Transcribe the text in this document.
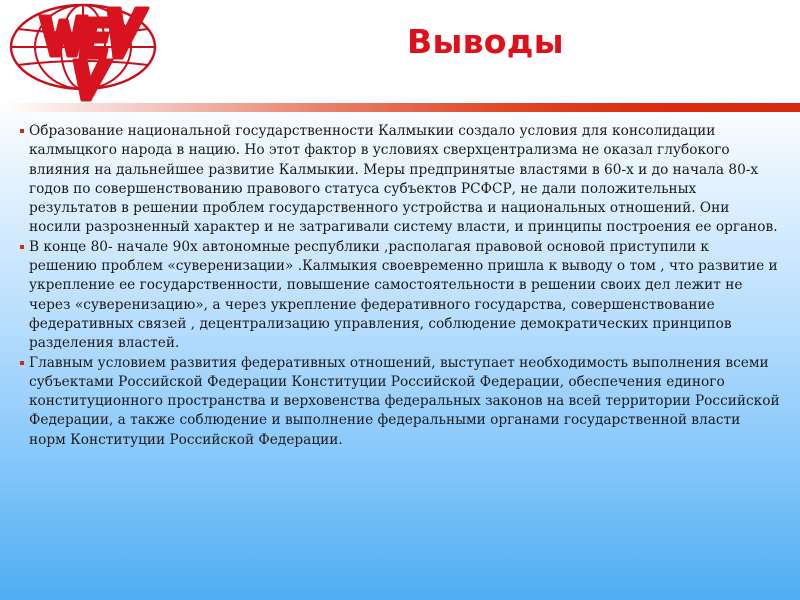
Выводы

Образование национальной государственности Калмыкии создало условия для консолидации калмыцкого народа в нацию. Но этот фактор в условиях сверхцентрализма не оказал глубокого влияния на дальнейшее развитие Калмыкии. Меры предпринятые властями в 60-х и до начала 80-х годов по совершенствованию правового статуса субъектов РСФСР, не дали положительных результатов в решении проблем государственного устройства и национальных отношений. Они носили разрозненный характер и не затрагивали систему власти, и принципы построения ее органов.

В конце 80- начале 90х автономные республики ,располагая правовой основой приступили к решению проблем «суверенизации» .Калмыкия своевременно пришла к выводу о том , что развитие и укрепление ее государственности, повышение самостоятельности в решении своих дел лежит не через «суверенизацию», а через укрепление федеративного государства, совершенствование федеративных связей , децентрализацию управления, соблюдение демократических принципов разделения властей.

Главным условием развития федеративных отношений, выступает необходимость выполнения всеми субъектами Российской Федерации Конституции Российской Федерации, обеспечения единого конституционного пространства и верховенства федеральных законов на всей территории Российской Федерации, а также соблюдение и выполнение федеральными органами государственной власти норм Конституции Российской Федерации.
